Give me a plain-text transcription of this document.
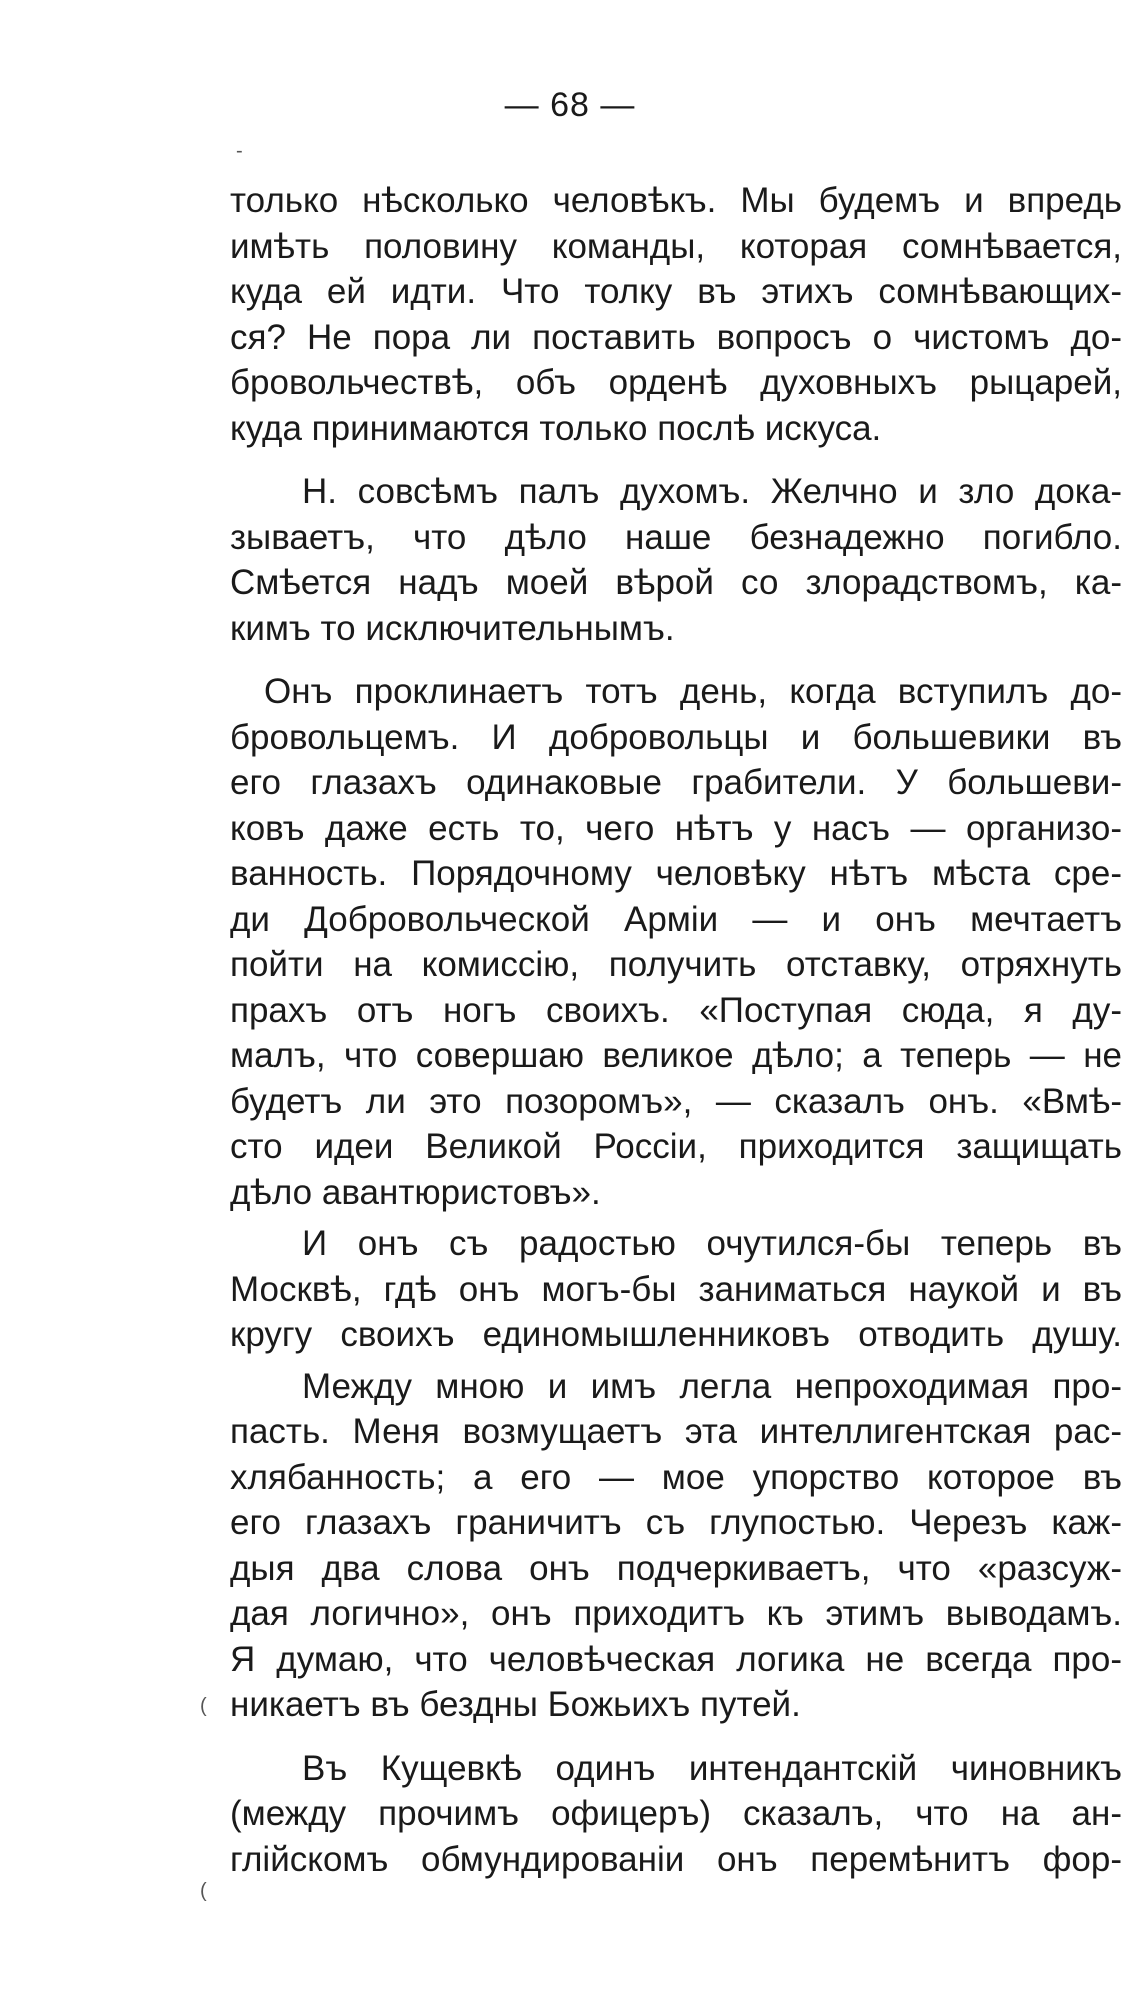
— 68 —
только нѣсколько человѣкъ. Мы будемъ и впредь
имѣть половину команды, которая сомнѣвается,
куда ей идти. Что толку въ этихъ сомнѣвающих-
ся? Не пора ли поставить вопросъ о чистомъ до-
бровольчествѣ, объ орденѣ духовныхъ рыцарей,
куда принимаются только послѣ искуса.
Н. совсѣмъ палъ духомъ. Желчно и зло дока-
зываетъ, что дѣло наше безнадежно погибло.
Смѣется надъ моей вѣрой со злорадствомъ, ка-
кимъ то исключительнымъ.
Онъ проклинаетъ тотъ день, когда вступилъ до-
бровольцемъ. И добровольцы и большевики въ
его глазахъ одинаковые грабители. У большеви-
ковъ даже есть то, чего нѣтъ у насъ — организо-
ванность. Порядочному человѣку нѣтъ мѣста сре-
ди Добровольческой Арміи — и онъ мечтаетъ
пойти на комиссію, получить отставку, отряхнуть
прахъ отъ ногъ своихъ. «Поступая сюда, я ду-
малъ, что совершаю великое дѣло; а теперь — не
будетъ ли это позоромъ», — сказалъ онъ. «Вмѣ-
сто идеи Великой Россіи, приходится защищать
дѣло авантюристовъ».
И онъ съ радостью очутился-бы теперь въ
Москвѣ, гдѣ онъ могъ-бы заниматься наукой и въ
кругу своихъ единомышленниковъ отводить душу.
Между мною и имъ легла непроходимая про-
пасть. Меня возмущаетъ эта интеллигентская рас-
хлябанность; а его — мое упорство которое въ
его глазахъ граничитъ съ глупостью. Черезъ каж-
дыя два слова онъ подчеркиваетъ, что «разсуж-
дая логично», онъ приходитъ къ этимъ выводамъ.
Я думаю, что человѣческая логика не всегда про-
никаетъ въ бездны Божьихъ путей.
Въ Кущевкѣ одинъ интендантскій чиновникъ
(между прочимъ офицеръ) сказалъ, что на ан-
глійскомъ обмундированіи онъ перемѣнитъ фор-
-
(
(
